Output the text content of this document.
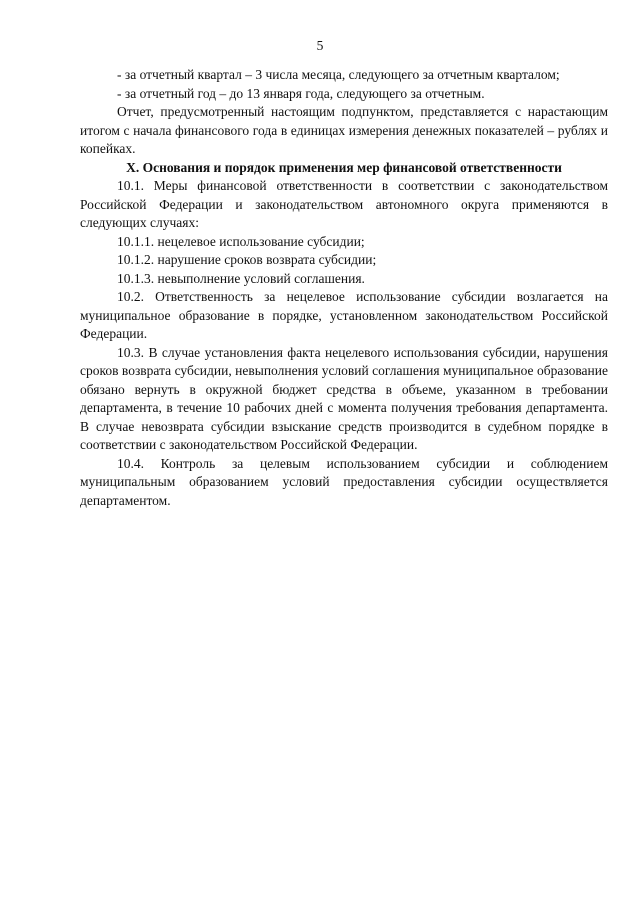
5

- за отчетный квартал – 3 числа месяца, следующего за отчетным кварталом;

- за отчетный год – до 13 января года, следующего за отчетным.

Отчет, предусмотренный настоящим подпунктом, представляется с нарастающим итогом с начала финансового года в единицах измерения денежных показателей – рублях и копейках.

X. Основания и порядок применения мер финансовой ответственности

10.1. Меры финансовой ответственности в соответствии с законодательством Российской Федерации и законодательством автономного округа применяются в следующих случаях:

10.1.1. нецелевое использование субсидии;

10.1.2. нарушение сроков возврата субсидии;

10.1.3. невыполнение условий соглашения.

10.2. Ответственность за нецелевое использование субсидии возлагается на муниципальное образование в порядке, установленном законодательством Российской Федерации.

10.3. В случае установления факта нецелевого использования субсидии, нарушения сроков возврата субсидии, невыполнения условий соглашения муниципальное образование обязано вернуть в окружной бюджет средства в объеме, указанном в требовании департамента, в течение 10 рабочих дней с момента получения требования департамента. В случае невозврата субсидии взыскание средств производится в судебном порядке в соответствии с законодательством Российской Федерации.

10.4. Контроль за целевым использованием субсидии и соблюдением муниципальным образованием условий предоставления субсидии осуществляется департаментом.
